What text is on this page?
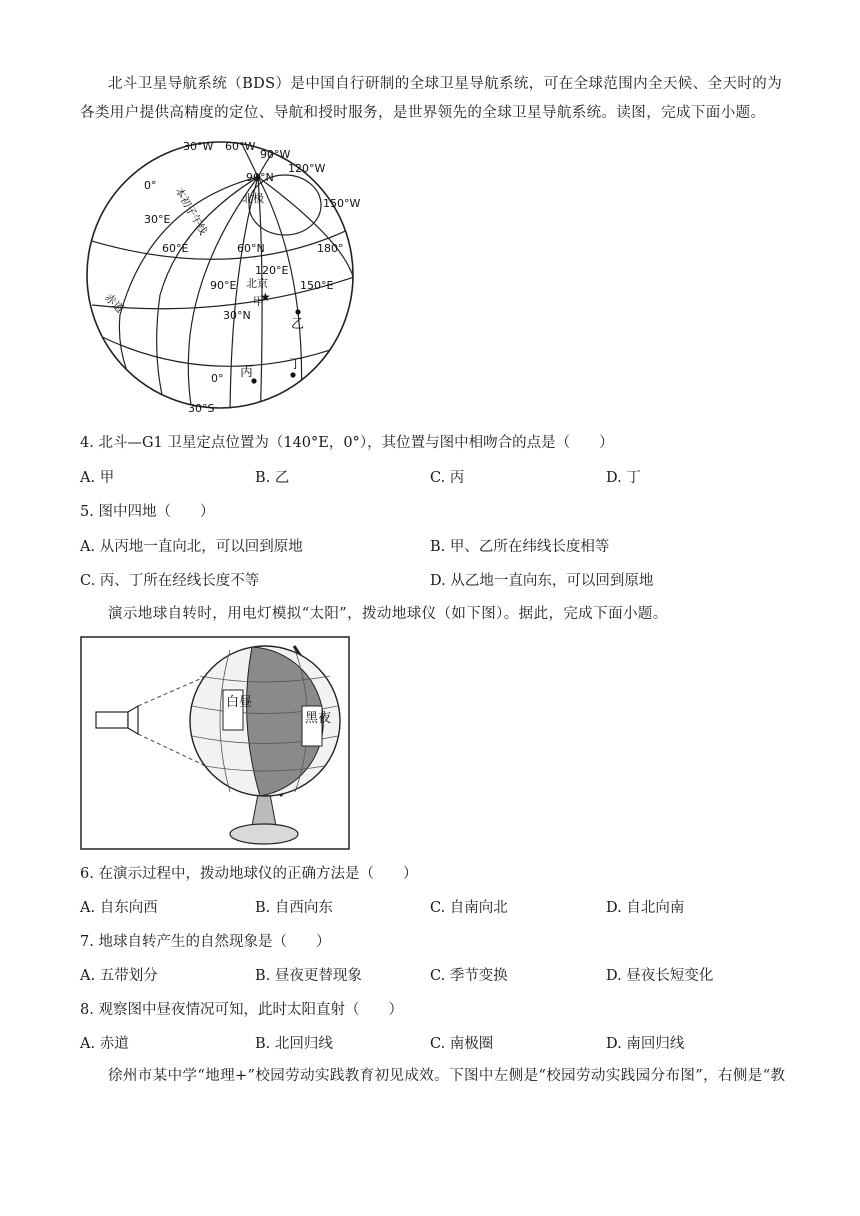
北斗卫星导航系统（BDS）是中国自行研制的全球卫星导航系统，可在全球范围内全天候、全天时的为各类用户提供高精度的定位、导航和授时服务，是世界领先的全球卫星导航系统。读图，完成下面小题。
★
30°W 60°W
90°W
120°W
150°W
90°N
北极
0°
30°E
60°E	60°N	180°
120°E
90°E 北京
甲
150°E
30°N
乙
丁
丙
0°
30°S
本初子午线
赤道
4. 北斗—G1 卫星定点位置为（140°E，0°），其位置与图中相吻合的点是（　　）
A. 甲	B. 乙	C. 丙	D. 丁
5. 图中四地（　　）
A. 从丙地一直向北，可以回到原地	B. 甲、乙所在纬线长度相等
C. 丙、丁所在经线长度不等	D. 从乙地一直向东，可以回到原地
演示地球自转时，用电灯模拟“太阳”，拨动地球仪（如下图）。据此，完成下面小题。
白昼
黑夜
6. 在演示过程中，拨动地球仪的正确方法是（　　）
A. 自东向西	B. 自西向东	C. 自南向北	D. 自北向南
7. 地球自转产生的自然现象是（　　）
A. 五带划分	B. 昼夜更替现象	C. 季节变换	D. 昼夜长短变化
8. 观察图中昼夜情况可知，此时太阳直射（　　）
A. 赤道	B. 北回归线	C. 南极圈	D. 南回归线
徐州市某中学“地理+”校园劳动实践教育初见成效。下图中左侧是“校园劳动实践园分布图”，右侧是“教
